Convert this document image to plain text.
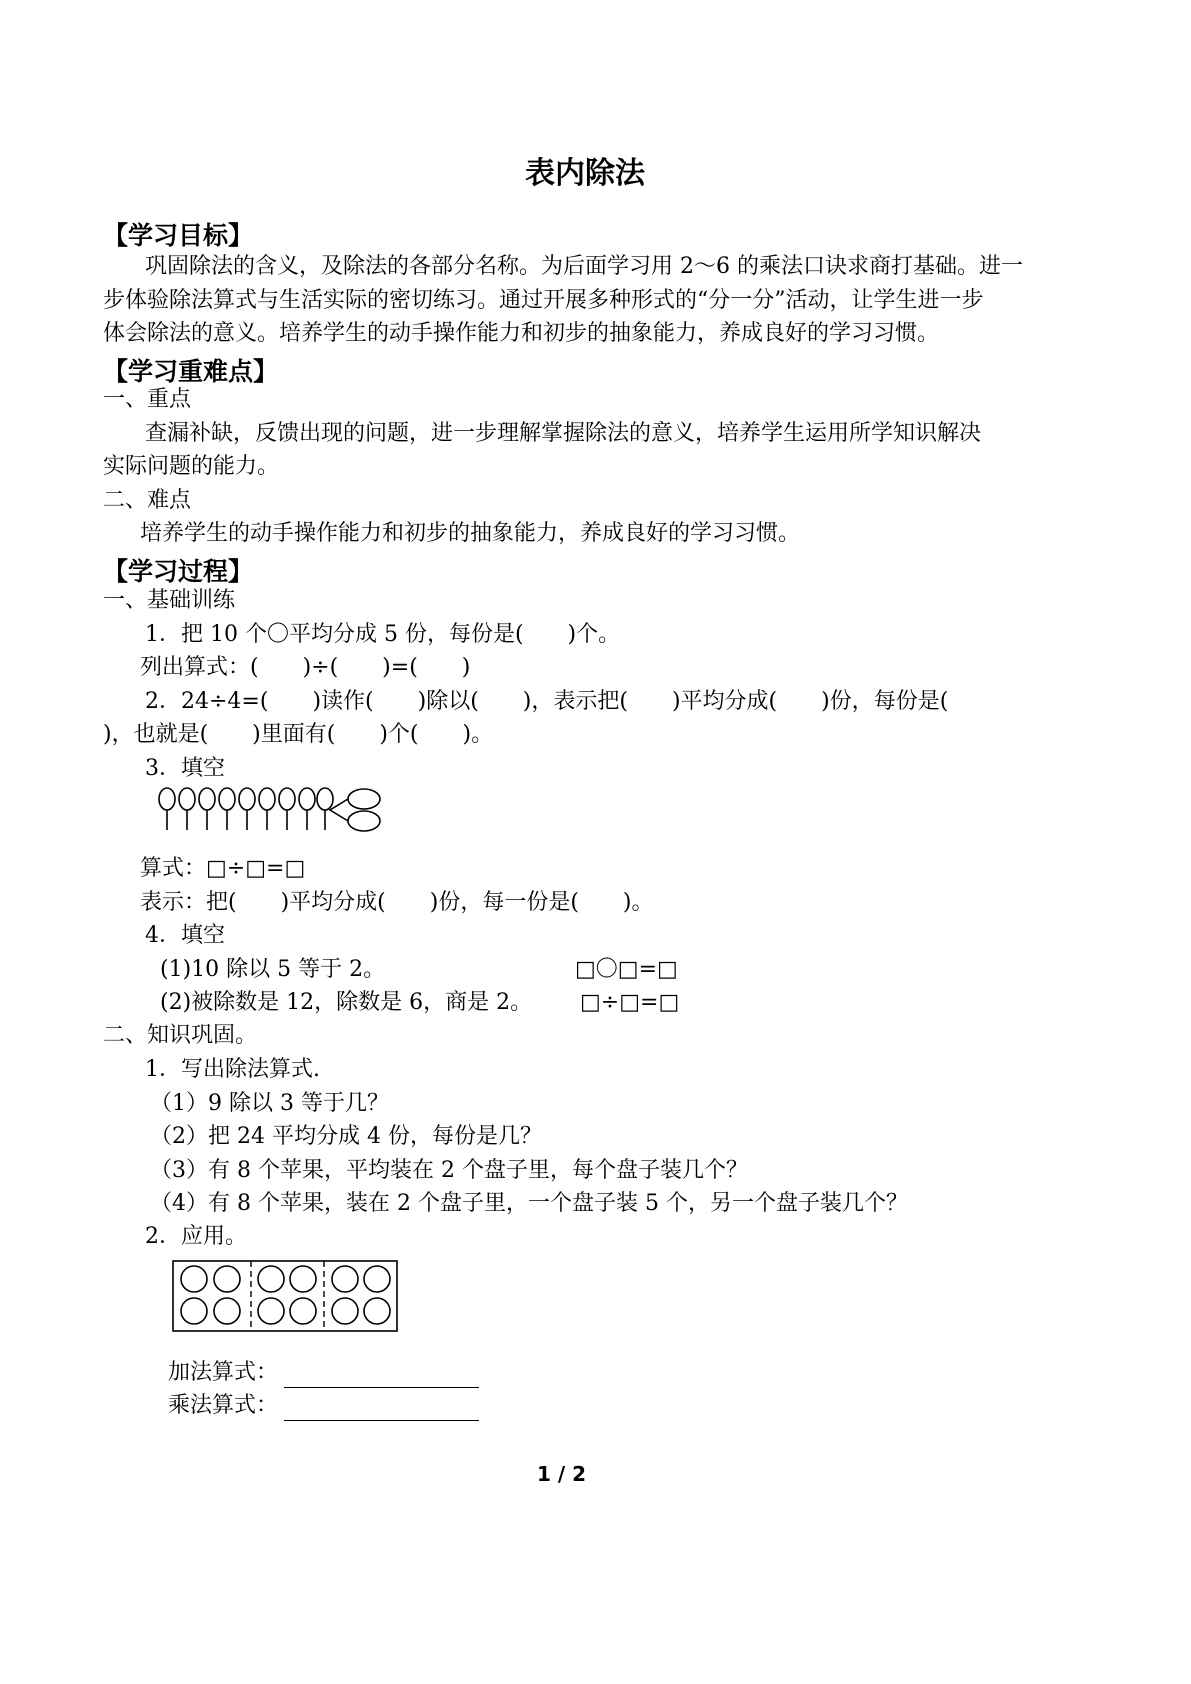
表内除法
【学习目标】
巩固除法的含义，及除法的各部分名称。为后面学习用 2～6 的乘法口诀求商打基础。进一
步体验除法算式与生活实际的密切练习。通过开展多种形式的“分一分”活动，让学生进一步
体会除法的意义。培养学生的动手操作能力和初步的抽象能力，养成良好的学习习惯。
【学习重难点】
一、重点
查漏补缺，反馈出现的问题，进一步理解掌握除法的意义，培养学生运用所学知识解决
实际问题的能力。
二、难点
培养学生的动手操作能力和初步的抽象能力，养成良好的学习习惯。
【学习过程】
一、基础训练
1．把 10 个〇平均分成 5 份，每份是(　　)个。
列出算式：(　　)÷(　　)=(　　)
2．24÷4=(　　)读作(　　)除以(　　)，表示把(　　)平均分成(　　)份，每份是(
)，也就是(　　)里面有(　　)个(　　)。
3．填空
算式：□÷□=□
表示：把(　　)平均分成(　　)份，每一份是(　　)。
4．填空
(1)10 除以 5 等于 2。	□〇□=□
(2)被除数是 12，除数是 6，商是 2。 □÷□=□
二、知识巩固。
1．写出除法算式.
（1）9 除以 3 等于几？
（2）把 24 平均分成 4 份，每份是几？
（3）有 8 个苹果，平均装在 2 个盘子里，每个盘子装几个？
（4）有 8 个苹果，装在 2 个盘子里，一个盘子装 5 个，另一个盘子装几个？
2．应用。
加法算式：
乘法算式：
1 / 2
